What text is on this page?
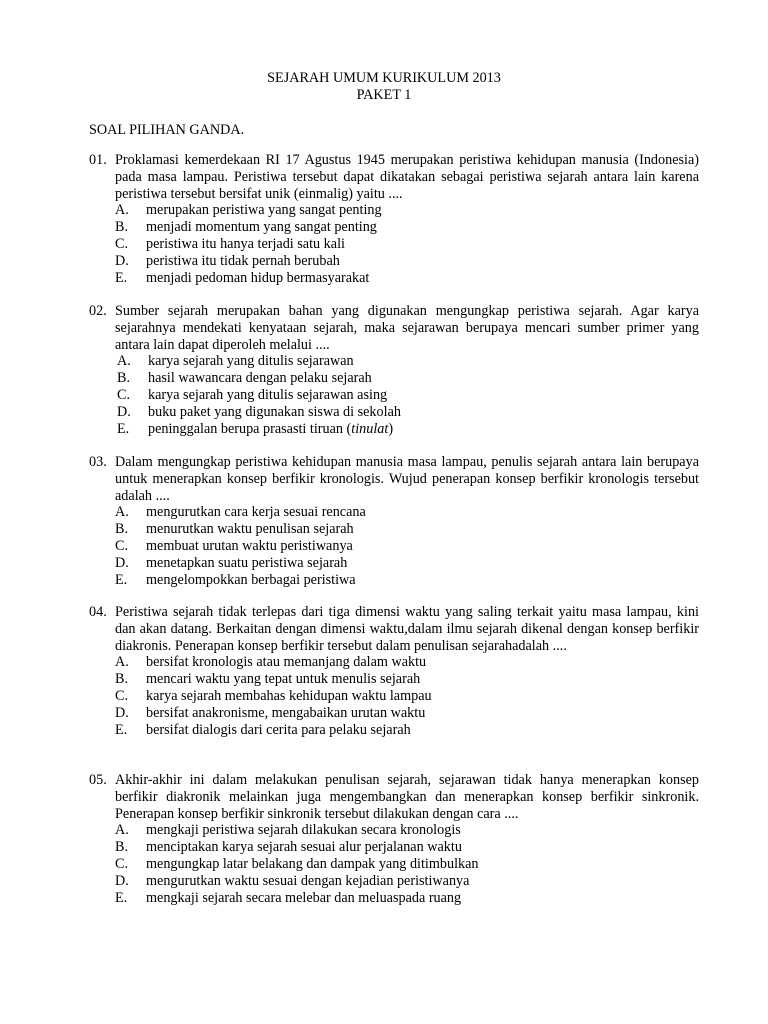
SEJARAH UMUM KURIKULUM 2013
PAKET 1
SOAL PILIHAN GANDA.
01. Proklamasi kemerdekaan RI 17 Agustus 1945 merupakan peristiwa kehidupan manusia (Indonesia) pada masa lampau. Peristiwa tersebut dapat dikatakan sebagai peristiwa sejarah antara lain karena peristiwa tersebut bersifat unik (einmalig) yaitu ....
A. merupakan peristiwa yang sangat penting
B. menjadi momentum yang sangat penting
C. peristiwa itu hanya terjadi satu kali
D. peristiwa itu tidak pernah berubah
E. menjadi pedoman hidup bermasyarakat
02. Sumber sejarah merupakan bahan yang digunakan mengungkap peristiwa sejarah. Agar karya sejarahnya mendekati kenyataan sejarah, maka sejarawan berupaya mencari sumber primer yang antara lain dapat diperoleh melalui ....
A. karya sejarah yang ditulis sejarawan
B. hasil wawancara dengan pelaku sejarah
C. karya sejarah yang ditulis sejarawan asing
D. buku paket yang digunakan siswa di sekolah
E. peninggalan berupa prasasti tiruan (tinulat)
03. Dalam mengungkap peristiwa kehidupan manusia masa lampau, penulis sejarah antara lain berupaya untuk menerapkan konsep berfikir kronologis. Wujud penerapan konsep berfikir kronologis tersebut adalah ....
A. mengurutkan cara kerja sesuai rencana
B. menurutkan waktu penulisan sejarah
C. membuat urutan waktu peristiwanya
D. menetapkan suatu peristiwa sejarah
E. mengelompokkan berbagai peristiwa
04. Peristiwa sejarah tidak terlepas dari tiga dimensi waktu yang saling terkait yaitu masa lampau, kini dan akan datang. Berkaitan dengan dimensi waktu,dalam ilmu sejarah dikenal dengan konsep berfikir diakronis. Penerapan konsep berfikir tersebut dalam penulisan sejarahadalah ....
A. bersifat kronologis atau memanjang dalam waktu
B. mencari waktu yang tepat untuk menulis sejarah
C. karya sejarah membahas kehidupan waktu lampau
D. bersifat anakronisme, mengabaikan urutan waktu
E. bersifat dialogis dari cerita para pelaku sejarah
05. Akhir-akhir ini dalam melakukan penulisan sejarah, sejarawan tidak hanya menerapkan konsep berfikir diakronik melainkan juga mengembangkan dan menerapkan konsep berfikir sinkronik. Penerapan konsep berfikir sinkronik tersebut dilakukan dengan cara ....
A. mengkaji peristiwa sejarah dilakukan secara kronologis
B. menciptakan karya sejarah sesuai alur perjalanan waktu
C. mengungkap latar belakang dan dampak yang ditimbulkan
D. mengurutkan waktu sesuai dengan kejadian peristiwanya
E. mengkaji sejarah secara melebar dan meluaspada ruang
